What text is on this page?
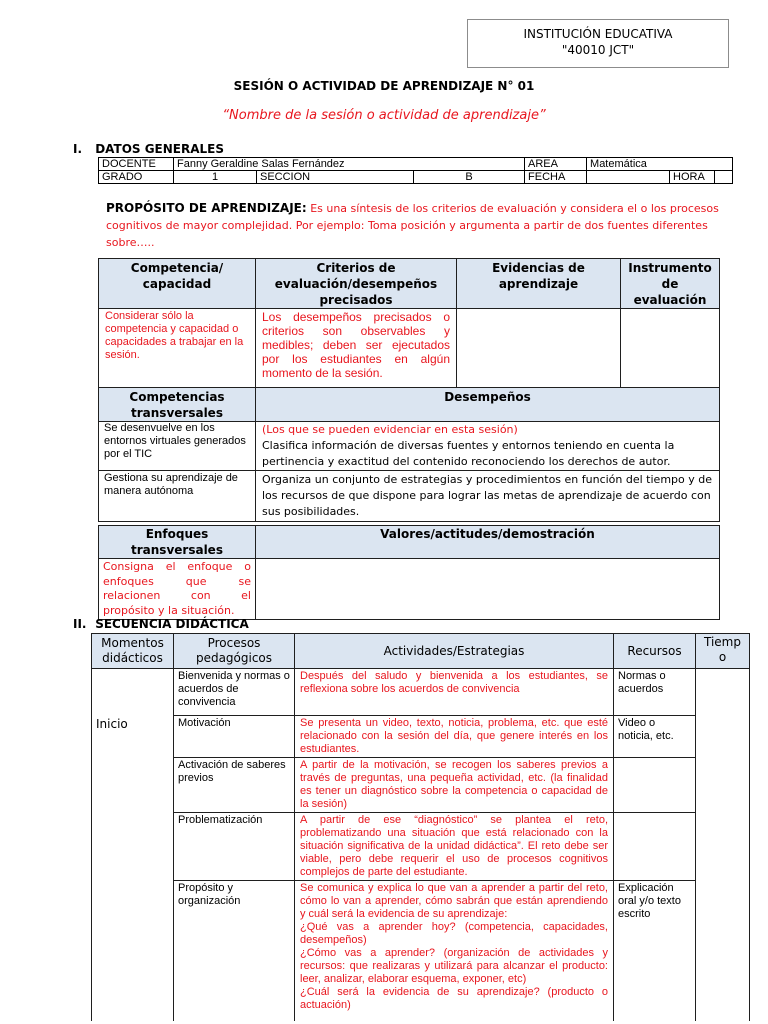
INSTITUCIÓN EDUCATIVA
"40010 JCT"
SESIÓN O ACTIVIDAD DE APRENDIZAJE N° 01
“Nombre de la sesión o actividad de aprendizaje”
I. DATOS GENERALES
DOCENTE	Fanny Geraldine Salas Fernández			AREA	Matemática		
GRADO	1	SECCION	B	FECHA		HORA	
PROPÓSITO DE APRENDIZAJE: Es una síntesis de los criterios de evaluación y considera el o los procesos cognitivos de mayor complejidad. Por ejemplo: Toma posición y argumenta a partir de dos fuentes diferentes sobre…..
Competencia/ capacidad	Criterios de evaluación/desempeños precisados	Evidencias de aprendizaje	Instrumento de evaluación
Considerar sólo la competencia y capacidad o capacidades a trabajar en la sesión.	Los desempeños precisados o criterios son observables y medibles; deben ser ejecutados por los estudiantes en algún momento de la sesión.		
Competencias transversales	Desempeños		
Se desenvuelve en los entornos virtuales generados por el TIC	(Los que se pueden evidenciar en esta sesión)
Clasifica información de diversas fuentes y entornos teniendo en cuenta la pertinencia y exactitud del contenido reconociendo los derechos de autor.		

Gestiona su aprendizaje de manera autónoma	Organiza un conjunto de estrategias y procedimientos en función del tiempo y de los recursos de que dispone para lograr las metas de aprendizaje de acuerdo con sus posibilidades.		
Enfoques transversales	Valores/actitudes/demostración
Consigna el enfoque o enfoques que se relacionen con el propósito y la situación.	
II. SECUENCIA DIDÁCTICA
Momentos didácticos	Procesos pedagógicos	Actividades/Estrategias	Recursos	Tiempo
Inicio	Bienvenida y normas o acuerdos de convivencia	Después del saludo y bienvenida a los estudiantes, se reflexiona sobre los acuerdos de convivencia	Normas o acuerdos	
	Motivación	Se presenta un video, texto, noticia, problema, etc. que esté relacionado con la sesión del día, que genere interés en los estudiantes.	Video o noticia, etc.	
	Activación de saberes previos	A partir de la motivación, se recogen los saberes previos a través de preguntas, una pequeña actividad, etc. (la finalidad es tener un diagnóstico sobre la competencia o capacidad de la sesión)		
	Problematización	A partir de ese “diagnóstico” se plantea el reto, problematizando una situación que está relacionado con la situación significativa de la unidad didáctica”. El reto debe ser viable, pero debe requerir el uso de procesos cognitivos complejos de parte del estudiante.		
	Propósito y organización	Se comunica y explica lo que van a aprender a partir del reto, cómo lo van a aprender, cómo sabrán que están aprendiendo y cuál será la evidencia de su aprendizaje:
¿Qué vas a aprender hoy? (competencia, capacidades, desempeños)
¿Cómo vas a aprender? (organización de actividades y recursos: que realizaras y utilizará para alcanzar el producto: leer, analizar, elaborar esquema, exponer, etc)
¿Cuál será la evidencia de su aprendizaje? (producto o actuación)	Explicación oral y/o texto escrito	
